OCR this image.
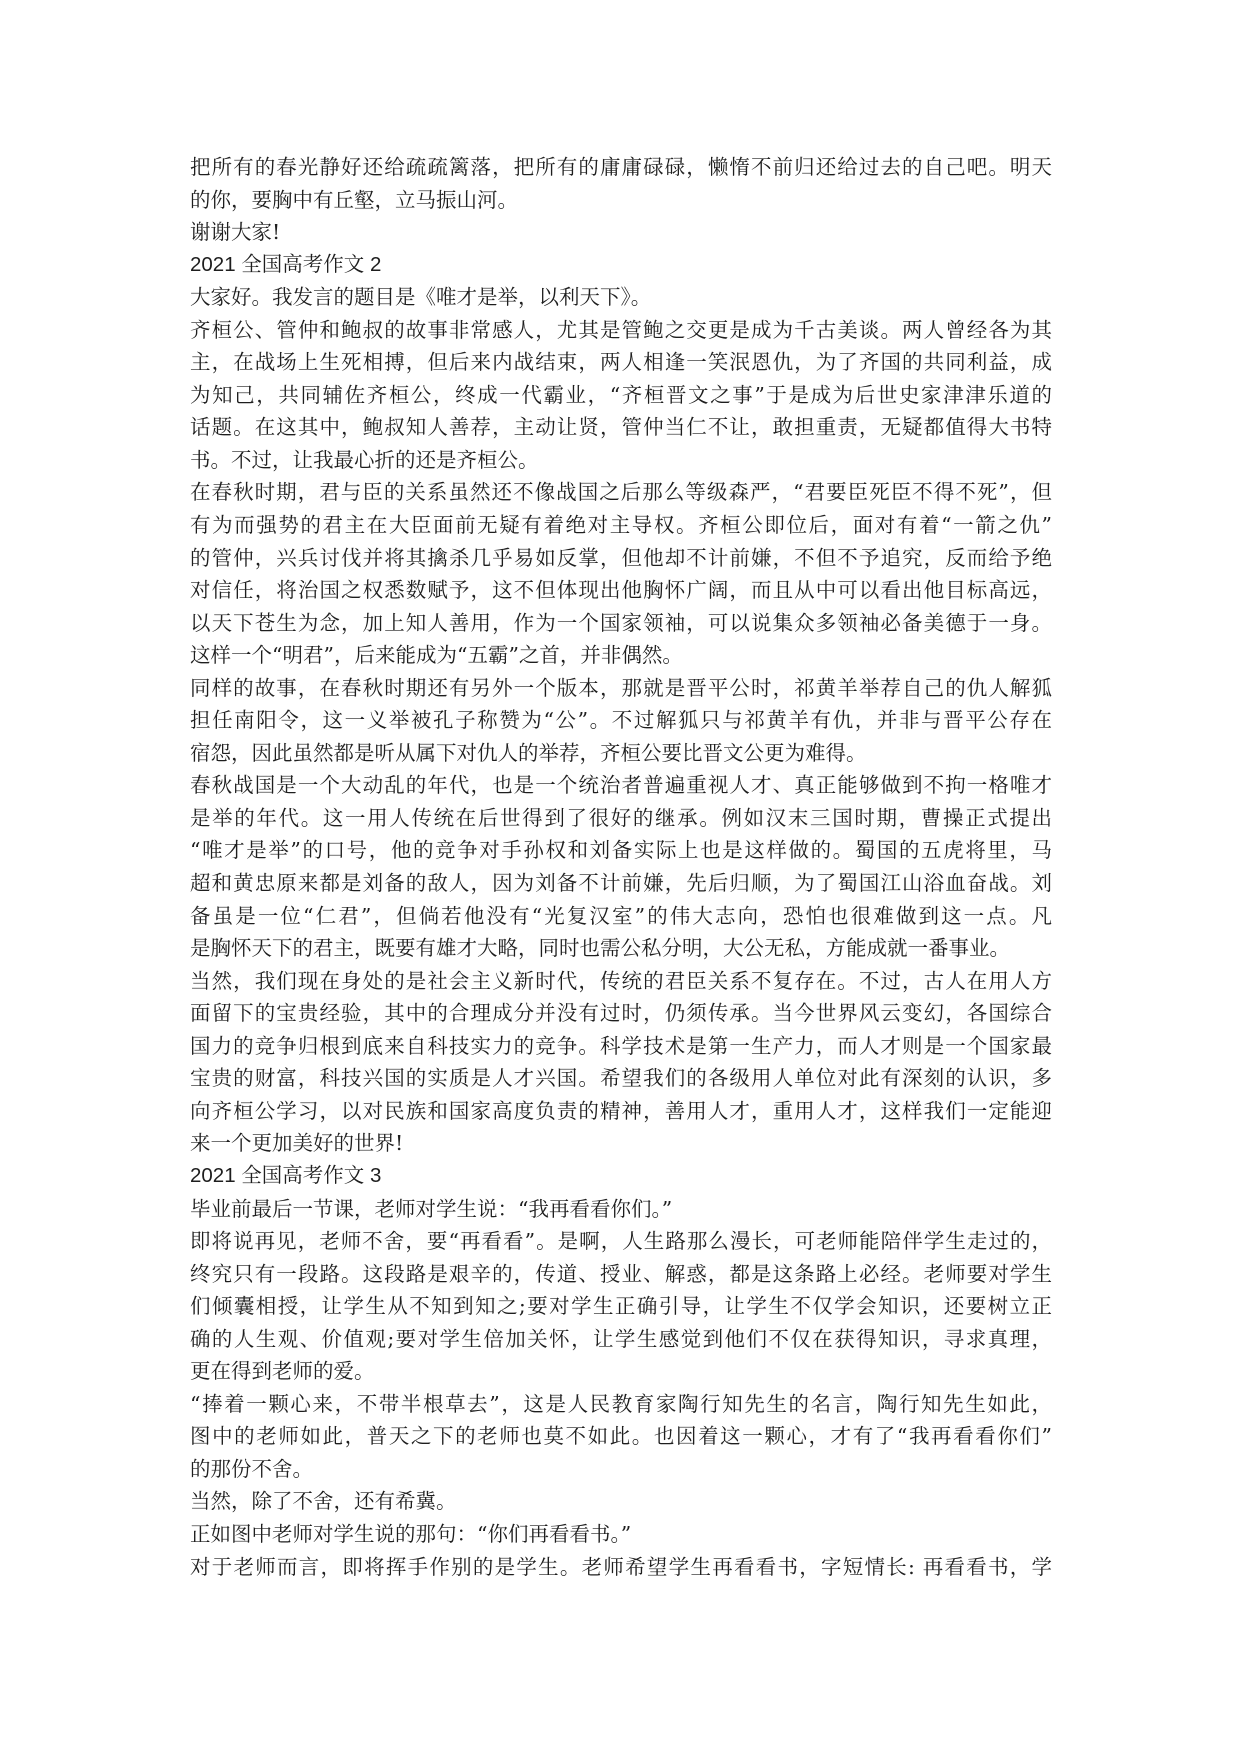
把所有的春光静好还给疏疏篱落，把所有的庸庸碌碌，懒惰不前归还给过去的自己吧。明天
的你，要胸中有丘壑，立马振山河。
谢谢大家!
2021 全国高考作文 2
大家好。我发言的题目是《唯才是举，以利天下》。
齐桓公、管仲和鲍叔的故事非常感人，尤其是管鲍之交更是成为千古美谈。两人曾经各为其
主，在战场上生死相搏，但后来内战结束，两人相逢一笑泯恩仇，为了齐国的共同利益，成
为知己，共同辅佐齐桓公，终成一代霸业，“齐桓晋文之事”于是成为后世史家津津乐道的
话题。在这其中，鲍叔知人善荐，主动让贤，管仲当仁不让，敢担重责，无疑都值得大书特
书。不过，让我最心折的还是齐桓公。
在春秋时期，君与臣的关系虽然还不像战国之后那么等级森严，“君要臣死臣不得不死”，但
有为而强势的君主在大臣面前无疑有着绝对主导权。齐桓公即位后，面对有着“一箭之仇”
的管仲，兴兵讨伐并将其擒杀几乎易如反掌，但他却不计前嫌，不但不予追究，反而给予绝
对信任，将治国之权悉数赋予，这不但体现出他胸怀广阔，而且从中可以看出他目标高远，
以天下苍生为念，加上知人善用，作为一个国家领袖，可以说集众多领袖必备美德于一身。
这样一个“明君”，后来能成为“五霸”之首，并非偶然。
同样的故事，在春秋时期还有另外一个版本，那就是晋平公时，祁黄羊举荐自己的仇人解狐
担任南阳令，这一义举被孔子称赞为“公”。不过解狐只与祁黄羊有仇，并非与晋平公存在
宿怨，因此虽然都是听从属下对仇人的举荐，齐桓公要比晋文公更为难得。
春秋战国是一个大动乱的年代，也是一个统治者普遍重视人才、真正能够做到不拘一格唯才
是举的年代。这一用人传统在后世得到了很好的继承。例如汉末三国时期，曹操正式提出
“唯才是举”的口号，他的竞争对手孙权和刘备实际上也是这样做的。蜀国的五虎将里，马
超和黄忠原来都是刘备的敌人，因为刘备不计前嫌，先后归顺，为了蜀国江山浴血奋战。刘
备虽是一位“仁君”，但倘若他没有“光复汉室”的伟大志向，恐怕也很难做到这一点。凡
是胸怀天下的君主，既要有雄才大略，同时也需公私分明，大公无私，方能成就一番事业。
当然，我们现在身处的是社会主义新时代，传统的君臣关系不复存在。不过，古人在用人方
面留下的宝贵经验，其中的合理成分并没有过时，仍须传承。当今世界风云变幻，各国综合
国力的竞争归根到底来自科技实力的竞争。科学技术是第一生产力，而人才则是一个国家最
宝贵的财富，科技兴国的实质是人才兴国。希望我们的各级用人单位对此有深刻的认识，多
向齐桓公学习，以对民族和国家高度负责的精神，善用人才，重用人才，这样我们一定能迎
来一个更加美好的世界!
2021 全国高考作文 3
毕业前最后一节课，老师对学生说：“我再看看你们。”
即将说再见，老师不舍，要“再看看”。是啊，人生路那么漫长，可老师能陪伴学生走过的，
终究只有一段路。这段路是艰辛的，传道、授业、解惑，都是这条路上必经。老师要对学生
们倾囊相授，让学生从不知到知之;要对学生正确引导，让学生不仅学会知识，还要树立正
确的人生观、价值观;要对学生倍加关怀，让学生感觉到他们不仅在获得知识，寻求真理，
更在得到老师的爱。
“捧着一颗心来，不带半根草去”，这是人民教育家陶行知先生的名言，陶行知先生如此，
图中的老师如此，普天之下的老师也莫不如此。也因着这一颗心，才有了“我再看看你们”
的那份不舍。
当然，除了不舍，还有希冀。
正如图中老师对学生说的那句：“你们再看看书。”
对于老师而言，即将挥手作别的是学生。老师希望学生再看看书，字短情长: 再看看书，学
